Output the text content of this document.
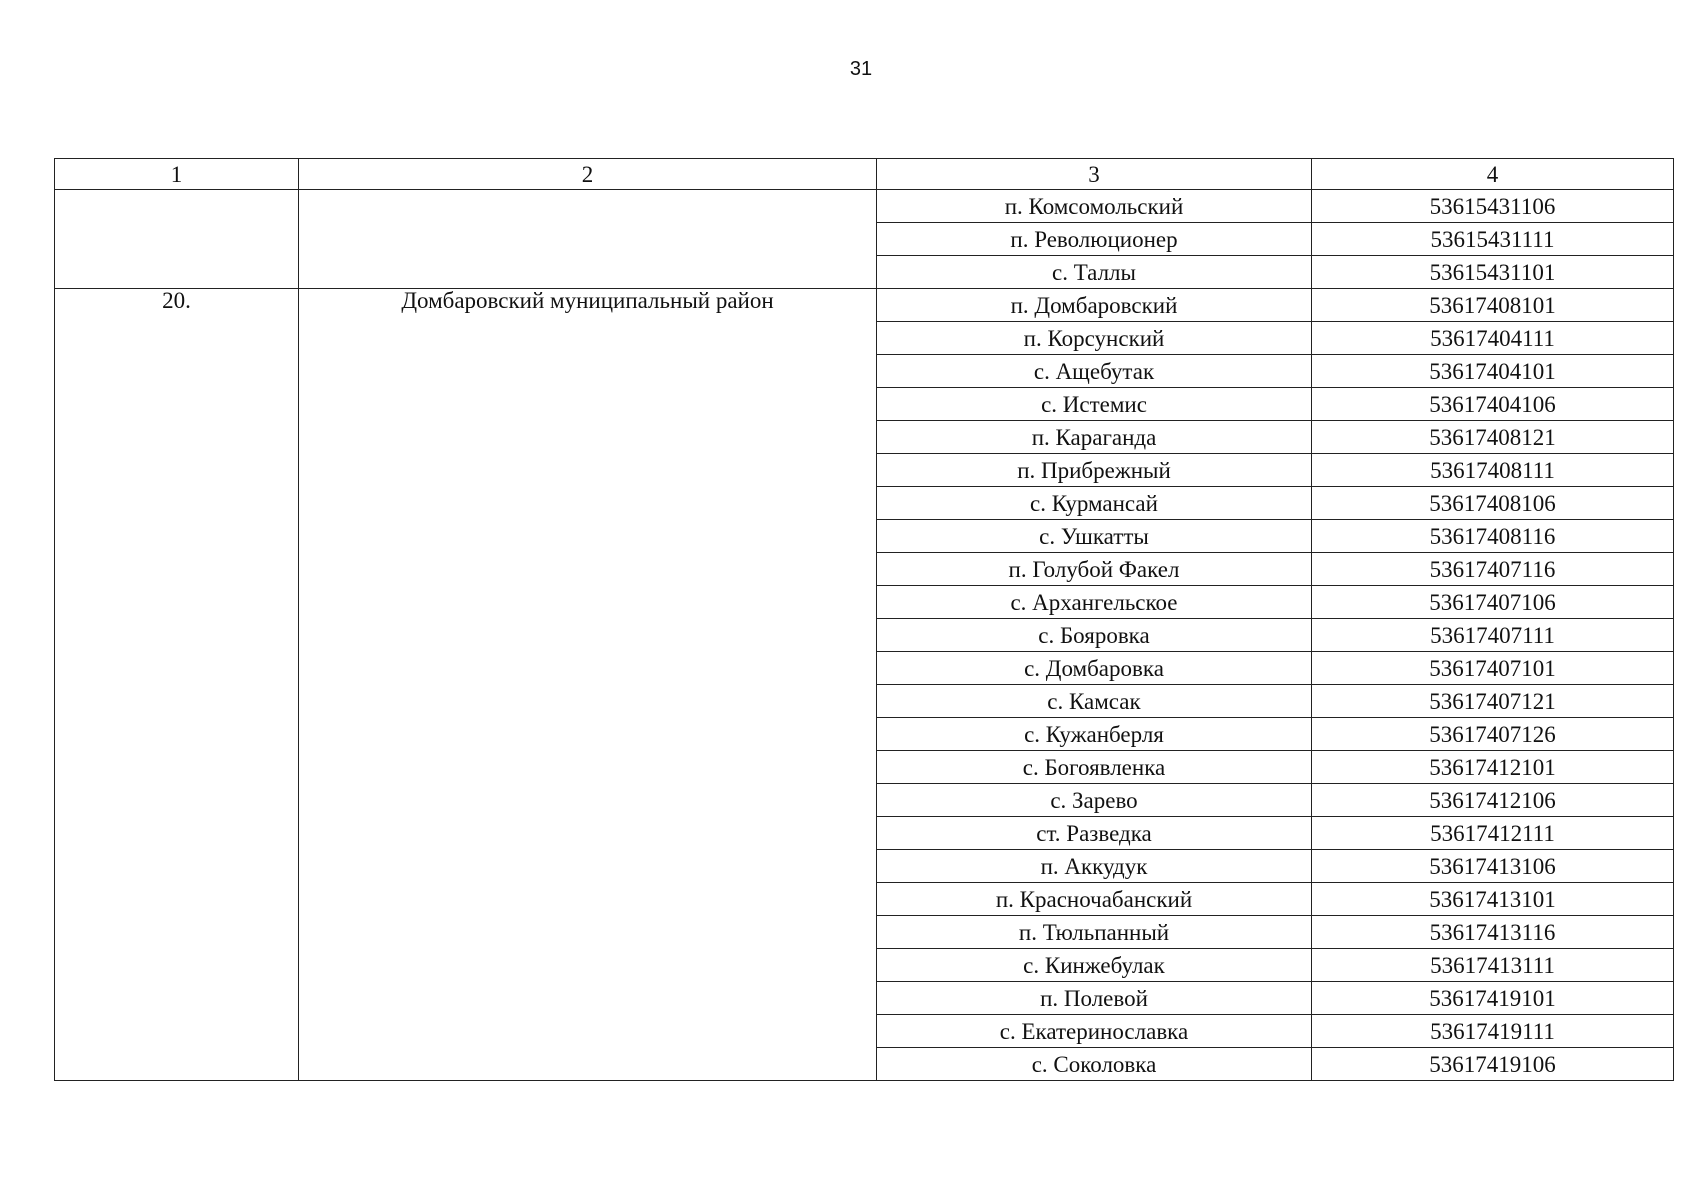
31
1	2	3	4
		п. Комсомольский	53615431106
		п. Революционер	53615431111
		с. Таллы	53615431101
20.	Домбаровский муниципальный район	п. Домбаровский	53617408101
		п. Корсунский	53617404111
		с. Ащебутак	53617404101
		с. Истемис	53617404106
		п. Караганда	53617408121
		п. Прибрежный	53617408111
		с. Курмансай	53617408106
		с. Ушкатты	53617408116
		п. Голубой Факел	53617407116
		с. Архангельское	53617407106
		с. Бояровка	53617407111
		с. Домбаровка	53617407101
		с. Камсак	53617407121
		с. Кужанберля	53617407126
		с. Богоявленка	53617412101
		с. Зарево	53617412106
		ст. Разведка	53617412111
		п. Аккудук	53617413106
		п. Красночабанский	53617413101
		п. Тюльпанный	53617413116
		с. Кинжебулак	53617413111
		п. Полевой	53617419101
		с. Екатеринославка	53617419111
		с. Соколовка	53617419106
